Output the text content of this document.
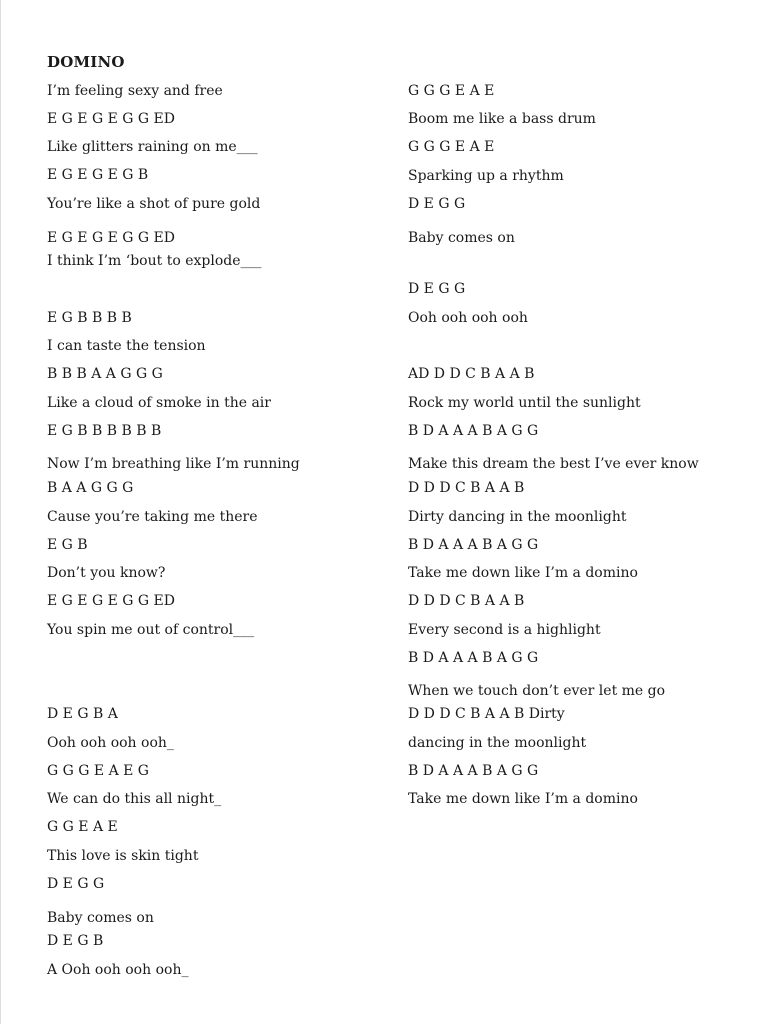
DOMINO
I’m feeling sexy and free
E G E G E G G ED
Like glitters raining on me___
E G E G E G B
You’re like a shot of pure gold
E G E G E G G ED
I think I’m ‘bout to explode___
E G B B B B
I can taste the tension
B B B A A G G G
Like a cloud of smoke in the air
E G B B B B B B
Now I’m breathing like I’m running
B A A G G G
Cause you’re taking me there
E G B
Don’t you know?
E G E G E G G ED
You spin me out of control___
D E G B A
Ooh ooh ooh ooh_
G G G E A E G
We can do this all night_
G G E A E
This love is skin tight
D E G G
Baby comes on
D E G B
A Ooh ooh ooh ooh_
G G G E A E
Boom me like a bass drum
G G G E A E
Sparking up a rhythm
D E G G
Baby comes on
D E G G
Ooh ooh ooh ooh
AD D D C B A A B
Rock my world until the sunlight
B D A A A B A G G
Make this dream the best I’ve ever know
D D D C B A A B
Dirty dancing in the moonlight
B D A A A B A G G
Take me down like I’m a domino
D D D C B A A B
Every second is a highlight
B D A A A B A G G
When we touch don’t ever let me go
D D D C B A A B Dirty
dancing in the moonlight
B D A A A B A G G
Take me down like I’m a domino
